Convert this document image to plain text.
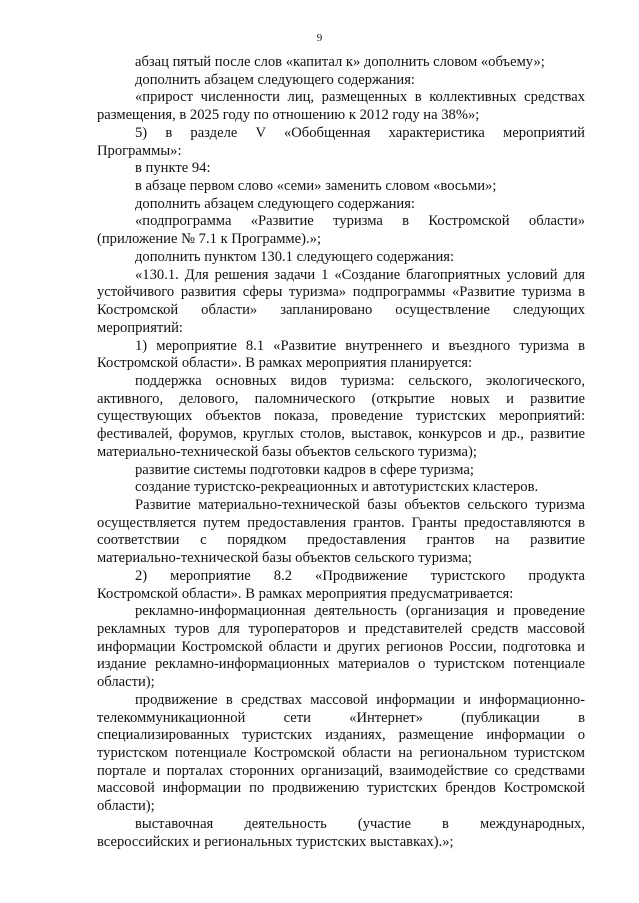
9
абзац пятый после слов «капитал к» дополнить словом «объему»;
дополнить абзацем следующего содержания:
«прирост численности лиц, размещенных в коллективных средствах
размещения, в 2025 году по отношению к 2012 году на 38%»;
5) в разделе V «Обобщенная характеристика мероприятий
Программы»:
в пункте 94:
в абзаце первом слово «семи» заменить словом «восьми»;
дополнить абзацем следующего содержания:
«подпрограмма «Развитие туризма в Костромской области»
(приложение № 7.1 к Программе).»;
дополнить пунктом 130.1 следующего содержания:
«130.1. Для решения задачи 1 «Создание благоприятных условий для
устойчивого развития сферы туризма» подпрограммы «Развитие туризма в
Костромской области» запланировано осуществление следующих
мероприятий:
1) мероприятие 8.1 «Развитие внутреннего и въездного туризма в
Костромской области». В рамках мероприятия планируется:
поддержка основных видов туризма: сельского, экологического,
активного, делового, паломнического (открытие новых и развитие
существующих объектов показа, проведение туристских мероприятий:
фестивалей, форумов, круглых столов, выставок, конкурсов и др., развитие
материально-технической базы объектов сельского туризма);
развитие системы подготовки кадров в сфере туризма;
создание туристско-рекреационных и автотуристских кластеров.
Развитие материально-технической базы объектов сельского туризма
осуществляется путем предоставления грантов. Гранты предоставляются в
соответствии с порядком предоставления грантов на развитие
материально-технической базы объектов сельского туризма;
2) мероприятие 8.2 «Продвижение туристского продукта
Костромской области». В рамках мероприятия предусматривается:
рекламно-информационная деятельность (организация и проведение
рекламных туров для туроператоров и представителей средств массовой
информации Костромской области и других регионов России, подготовка и
издание рекламно-информационных материалов о туристском потенциале
области);
продвижение в средствах массовой информации и информационно-
телекоммуникационной сети «Интернет» (публикации в
специализированных туристских изданиях, размещение информации о
туристском потенциале Костромской области на региональном туристском
портале и порталах сторонних организаций, взаимодействие со средствами
массовой информации по продвижению туристских брендов Костромской
области);
выставочная деятельность (участие в международных,
всероссийских и региональных туристских выставках).»;
